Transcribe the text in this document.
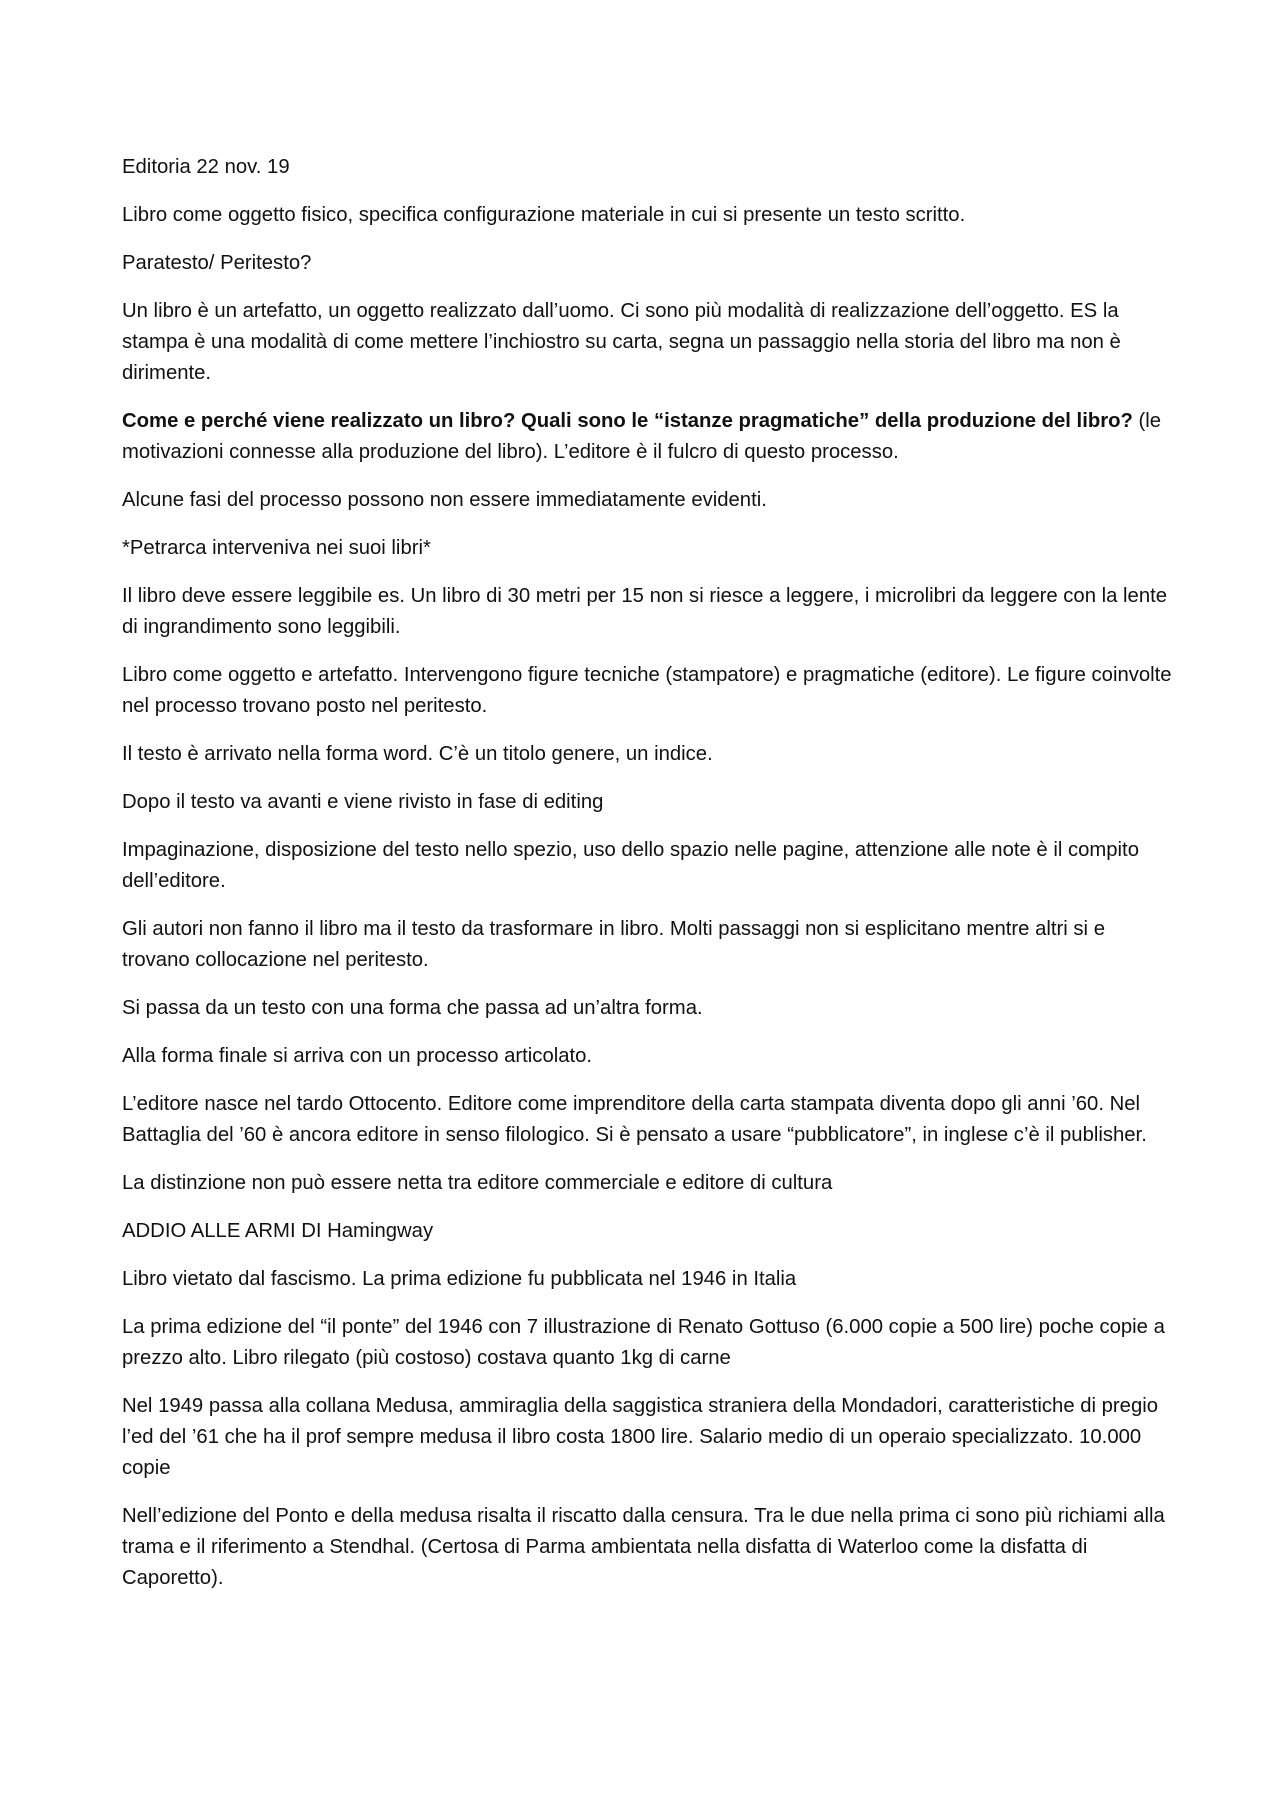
Editoria 22 nov. 19

Libro come oggetto fisico, specifica configurazione materiale in cui si presente un testo scritto.

Paratesto/ Peritesto?

Un libro è un artefatto, un oggetto realizzato dall’uomo. Ci sono più modalità di realizzazione dell’oggetto. ES la stampa è una modalità di come mettere l’inchiostro su carta, segna un passaggio nella storia del libro ma non è dirimente.

Come e perché viene realizzato un libro? Quali sono le “istanze pragmatiche” della produzione del libro? (le motivazioni connesse alla produzione del libro). L’editore è il fulcro di questo processo.

Alcune fasi del processo possono non essere immediatamente evidenti.

*Petrarca interveniva nei suoi libri*

Il libro deve essere leggibile es. Un libro di 30 metri per 15 non si riesce a leggere, i microlibri da leggere con la lente di ingrandimento sono leggibili.

Libro come oggetto e artefatto. Intervengono figure tecniche (stampatore) e pragmatiche (editore). Le figure coinvolte nel processo trovano posto nel peritesto.

Il testo è arrivato nella forma word. C’è un titolo genere, un indice.

Dopo il testo va avanti e viene rivisto in fase di editing

Impaginazione, disposizione del testo nello spezio, uso dello spazio nelle pagine, attenzione alle note è il compito dell’editore.

Gli autori non fanno il libro ma il testo da trasformare in libro. Molti passaggi non si esplicitano mentre altri si e trovano collocazione nel peritesto.

Si passa da un testo con una forma che passa ad un’altra forma.

Alla forma finale si arriva con un processo articolato.

L’editore nasce nel tardo Ottocento. Editore come imprenditore della carta stampata diventa dopo gli anni ’60. Nel Battaglia del ’60 è ancora editore in senso filologico. Si è pensato a usare “pubblicatore”, in inglese c’è il publisher.

La distinzione non può essere netta tra editore commerciale e editore di cultura

ADDIO ALLE ARMI DI Hamingway

Libro vietato dal fascismo. La prima edizione fu pubblicata nel 1946 in Italia

La prima edizione del “il ponte” del 1946 con 7 illustrazione di Renato Gottuso (6.000 copie a 500 lire) poche copie a prezzo alto. Libro rilegato (più costoso) costava quanto 1kg di carne

Nel 1949 passa alla collana Medusa, ammiraglia della saggistica straniera della Mondadori, caratteristiche di pregio l’ed del ’61 che ha il prof sempre medusa il libro costa 1800 lire. Salario medio di un operaio specializzato. 10.000 copie

Nell’edizione del Ponto e della medusa risalta il riscatto dalla censura. Tra le due nella prima ci sono più richiami alla trama e il riferimento a Stendhal. (Certosa di Parma ambientata nella disfatta di Waterloo come la disfatta di Caporetto).
